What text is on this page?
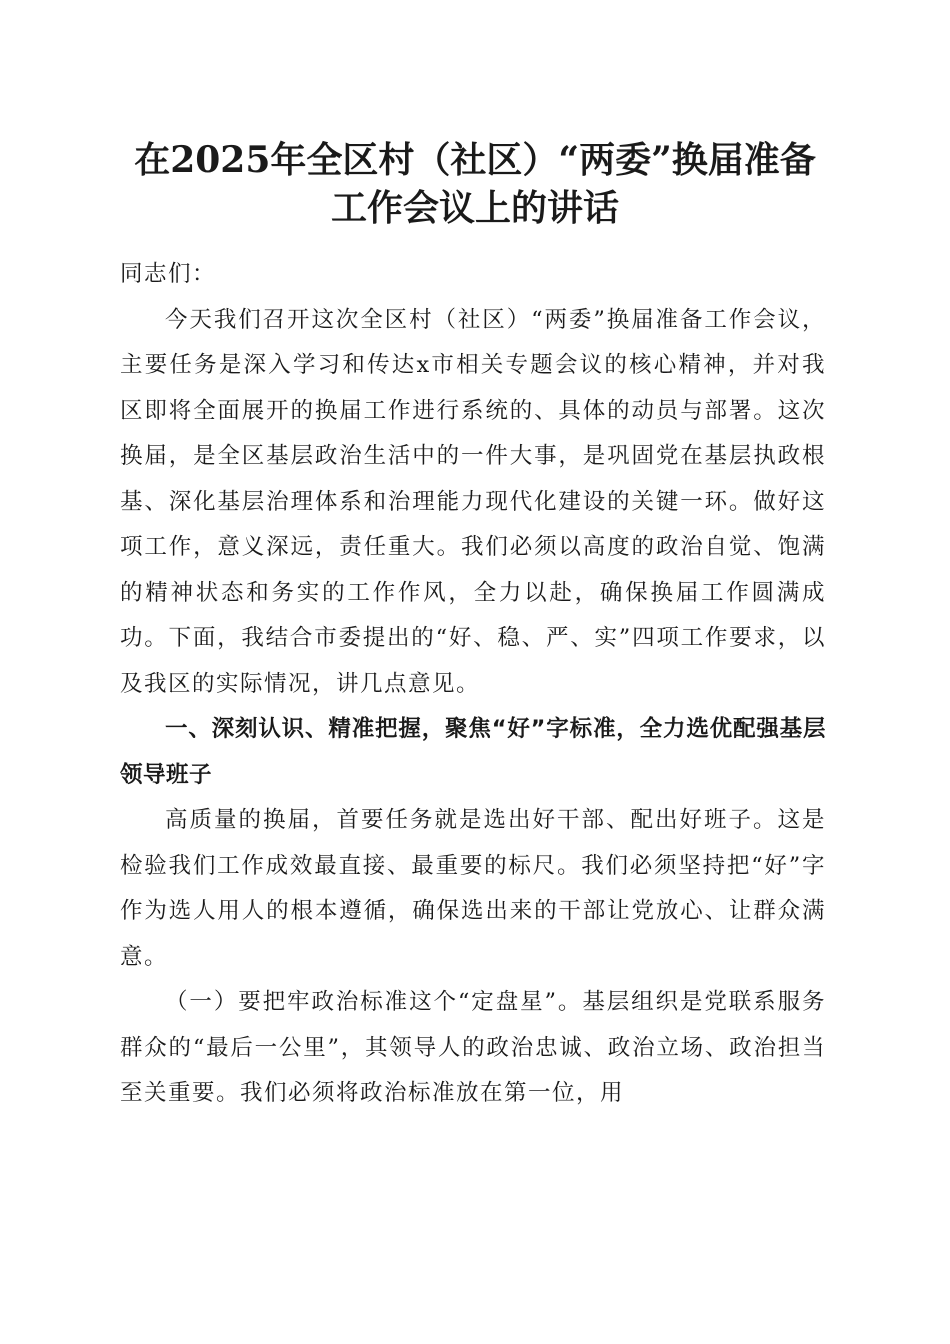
在2025年全区村（社区）“两委”换届准备
工作会议上的讲话

同志们：

今天我们召开这次全区村（社区）“两委”换届准备工作会议，主要任务是深入学习和传达x市相关专题会议的核心精神，并对我区即将全面展开的换届工作进行系统的、具体的动员与部署。这次换届，是全区基层政治生活中的一件大事，是巩固党在基层执政根基、深化基层治理体系和治理能力现代化建设的关键一环。做好这项工作，意义深远，责任重大。我们必须以高度的政治自觉、饱满的精神状态和务实的工作作风，全力以赴，确保换届工作圆满成功。下面，我结合市委提出的“好、稳、严、实”四项工作要求，以及我区的实际情况，讲几点意见。

一、深刻认识、精准把握，聚焦“好”字标准，全力选优配强基层领导班子

高质量的换届，首要任务就是选出好干部、配出好班子。这是检验我们工作成效最直接、最重要的标尺。我们必须坚持把“好”字作为选人用人的根本遵循，确保选出来的干部让党放心、让群众满意。

（一）要把牢政治标准这个“定盘星”。基层组织是党联系服务群众的“最后一公里”，其领导人的政治忠诚、政治立场、政治担当至关重要。我们必须将政治标准放在第一位，用
